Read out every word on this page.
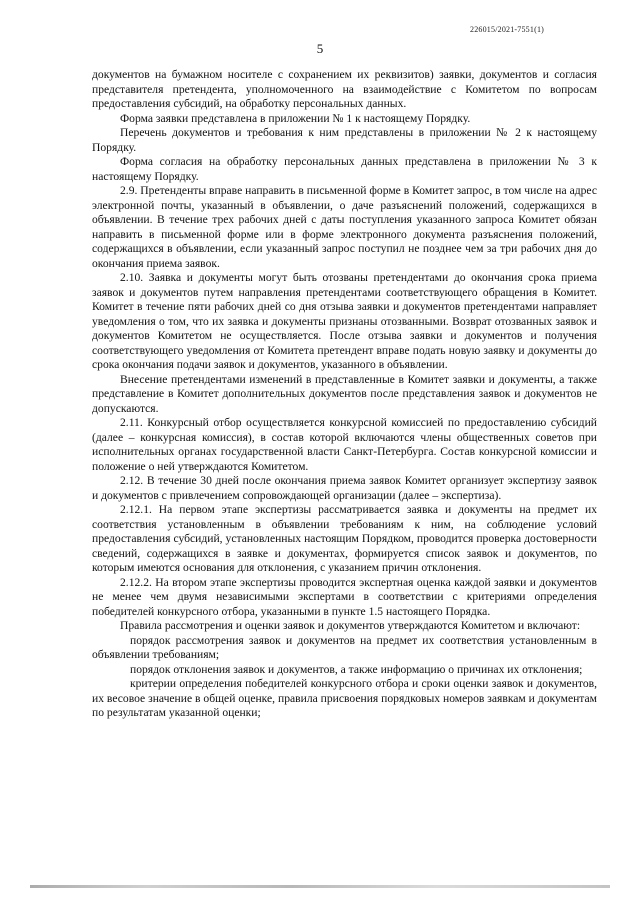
226015/2021-7551(1)
5

документов на бумажном носителе с сохранением их реквизитов) заявки, документов и согласия представителя претендента, уполномоченного на взаимодействие с Комитетом по вопросам предоставления субсидий, на обработку персональных данных.

Форма заявки представлена в приложении № 1 к настоящему Порядку.

Перечень документов и требования к ним представлены в приложении № 2 к настоящему Порядку.

Форма согласия на обработку персональных данных представлена в приложении № 3 к настоящему Порядку.

2.9. Претенденты вправе направить в письменной форме в Комитет запрос, в том числе на адрес электронной почты, указанный в объявлении, о даче разъяснений положений, содержащихся в объявлении. В течение трех рабочих дней с даты поступления указанного запроса Комитет обязан направить в письменной форме или в форме электронного документа разъяснения положений, содержащихся в объявлении, если указанный запрос поступил не позднее чем за три рабочих дня до окончания приема заявок.

2.10. Заявка и документы могут быть отозваны претендентами до окончания срока приема заявок и документов путем направления претендентами соответствующего обращения в Комитет. Комитет в течение пяти рабочих дней со дня отзыва заявки и документов претендентами направляет уведомления о том, что их заявка и документы признаны отозванными. Возврат отозванных заявок и документов Комитетом не осуществляется. После отзыва заявки и документов и получения соответствующего уведомления от Комитета претендент вправе подать новую заявку и документы до срока окончания подачи заявок и документов, указанного в объявлении.

Внесение претендентами изменений в представленные в Комитет заявки и документы, а также представление в Комитет дополнительных документов после представления заявок и документов не допускаются.

2.11. Конкурсный отбор осуществляется конкурсной комиссией по предоставлению субсидий (далее – конкурсная комиссия), в состав которой включаются члены общественных советов при исполнительных органах государственной власти Санкт-Петербурга. Состав конкурсной комиссии и положение о ней утверждаются Комитетом.

2.12. В течение 30 дней после окончания приема заявок Комитет организует экспертизу заявок и документов с привлечением сопровождающей организации (далее – экспертиза).

2.12.1. На первом этапе экспертизы рассматривается заявка и документы на предмет их соответствия установленным в объявлении требованиям к ним, на соблюдение условий предоставления субсидий, установленных настоящим Порядком, проводится проверка достоверности сведений, содержащихся в заявке и документах, формируется список заявок и документов, по которым имеются основания для отклонения, с указанием причин отклонения.

2.12.2. На втором этапе экспертизы проводится экспертная оценка каждой заявки и документов не менее чем двумя независимыми экспертами в соответствии с критериями определения победителей конкурсного отбора, указанными в пункте 1.5 настоящего Порядка.

Правила рассмотрения и оценки заявок и документов утверждаются Комитетом и включают:

порядок рассмотрения заявок и документов на предмет их соответствия установленным в объявлении требованиям;

порядок отклонения заявок и документов, а также информацию о причинах их отклонения;

критерии определения победителей конкурсного отбора и сроки оценки заявок и документов, их весовое значение в общей оценке, правила присвоения порядковых номеров заявкам и документам по результатам указанной оценки;
